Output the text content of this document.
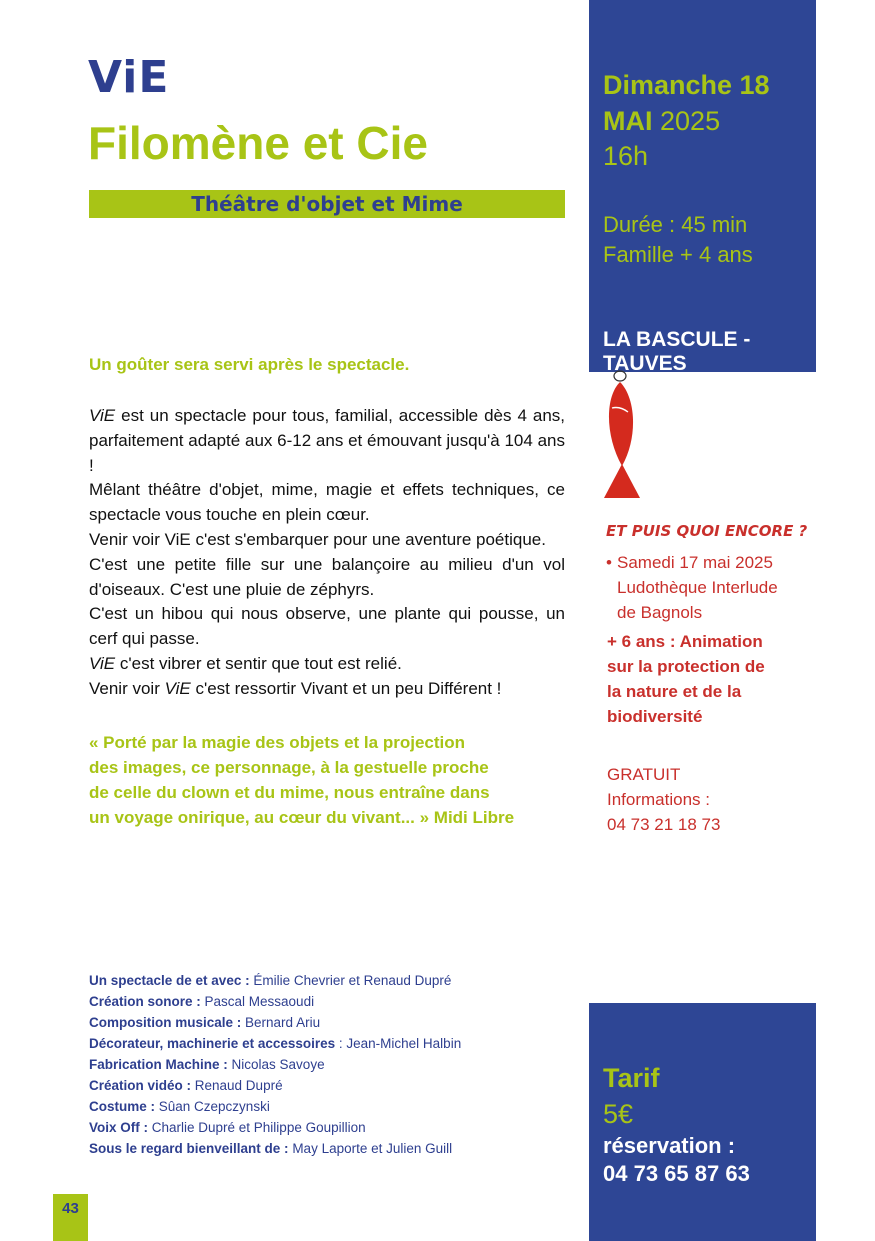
ViE
Filomène et Cie
Théâtre d'objet et Mime
Dimanche 18
MAI 2025
16h
Durée : 45 min
Famille + 4 ans
LA BASCULE - TAUVES
Un goûter sera servi après le spectacle.

ViE est un spectacle pour tous, familial, accessible dès 4 ans, parfaitement adapté aux 6-12 ans et émouvant jusqu'à 104 ans !

Mêlant théâtre d'objet, mime, magie et effets techniques, ce spectacle vous touche en plein cœur.

Venir voir ViE c'est s'embarquer pour une aventure poétique.

C'est une petite fille sur une balançoire au milieu d'un vol d'oiseaux. C'est une pluie de zéphyrs.

C'est un hibou qui nous observe, une plante qui pousse, un cerf qui passe.

ViE c'est vibrer et sentir que tout est relié.

Venir voir ViE c'est ressortir Vivant et un peu Différent !

« Porté par la magie des objets et la projection

des images, ce personnage, à la gestuelle proche

de celle du clown et du mime, nous entraîne dans

un voyage onirique, au cœur du vivant... » Midi Libre

ET PUIS QUOI ENCORE ?

• Samedi 17 mai 2025

Ludothèque Interlude

de Bagnols

+ 6 ans : Animation

sur la protection de

la nature et de la

biodiversité

GRATUIT

Informations :

04 73 21 18 73

Un spectacle de et avec : Émilie Chevrier et Renaud Dupré

Création sonore : Pascal Messaoudi

Composition musicale : Bernard Ariu

Décorateur, machinerie et accessoires : Jean-Michel Halbin

Fabrication Machine : Nicolas Savoye

Création vidéo : Renaud Dupré

Costume : Sûan Czepczynski

Voix Off : Charlie Dupré et Philippe Goupillion

Sous le regard bienveillant de : May Laporte et Julien Guill

Tarif
5€
réservation :
04 73 65 87 63
43
